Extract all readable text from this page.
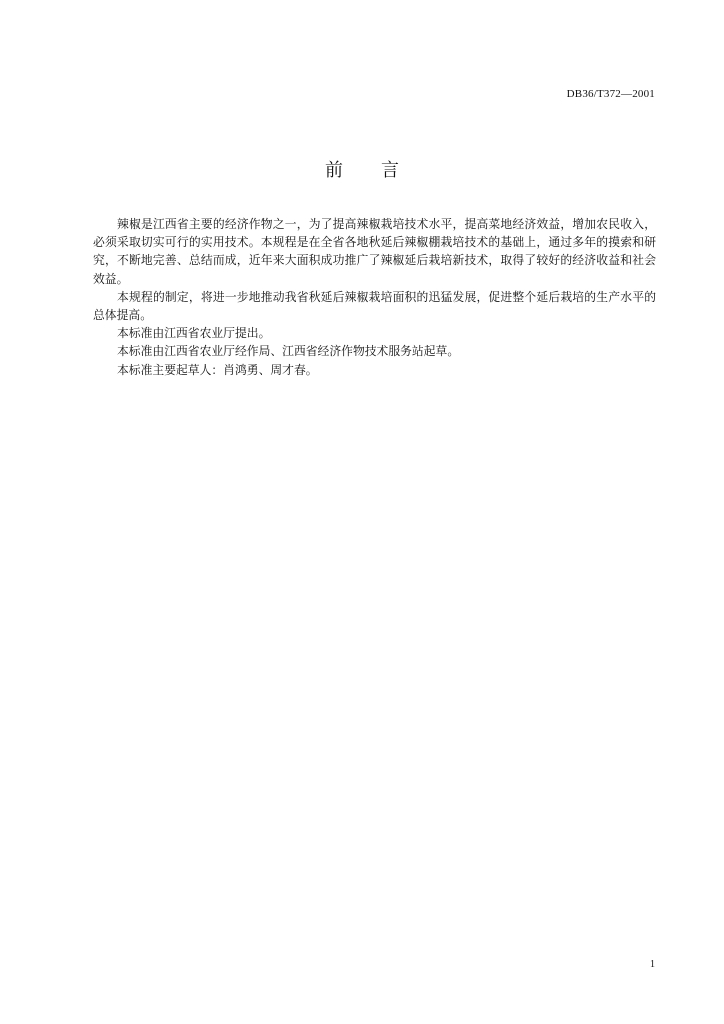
DB36/T372—2001
前 言

辣椒是江西省主要的经济作物之一，为了提高辣椒栽培技术水平，提高菜地经济效益，增加农民收入，必须采取切实可行的实用技术。本规程是在全省各地秋延后辣椒棚栽培技术的基础上，通过多年的摸索和研究，不断地完善、总结而成，近年来大面积成功推广了辣椒延后栽培新技术，取得了较好的经济收益和社会效益。

本规程的制定，将进一步地推动我省秋延后辣椒栽培面积的迅猛发展，促进整个延后栽培的生产水平的总体提高。

本标准由江西省农业厅提出。

本标准由江西省农业厅经作局、江西省经济作物技术服务站起草。

本标准主要起草人：肖鸿勇、周才春。

1
